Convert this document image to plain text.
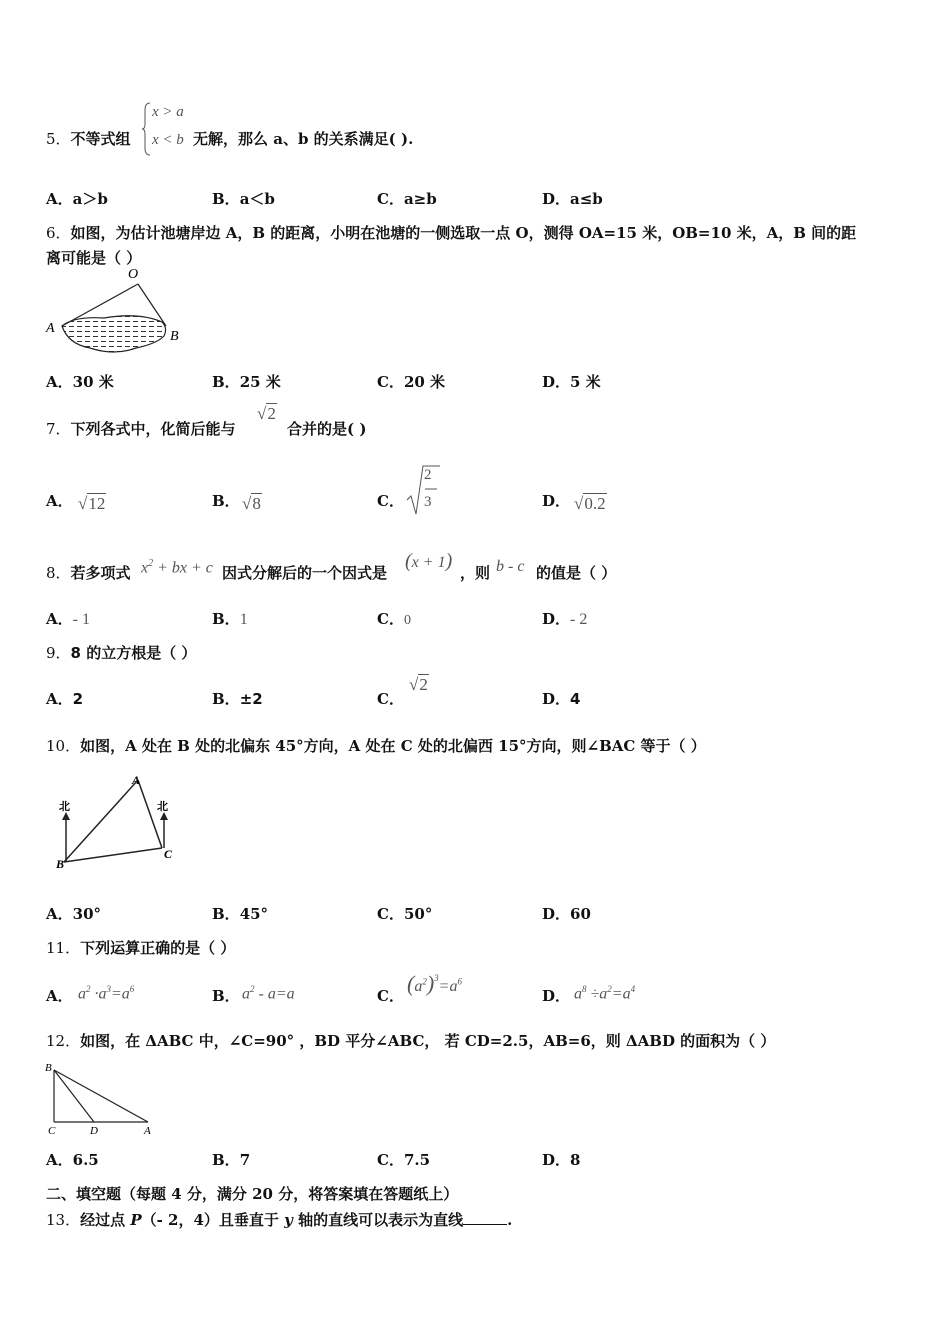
5．不等式组
x > a
x < b 无解，那么 a、b 的关系满足( ).
A．a＞b	B．a＜b	C．a≥b	D．a≤b
6．如图，为估计池塘岸边 A，B 的距离，小明在池塘的一侧选取一点 O，测得 OA=15 米，OB=10 米，A，B 间的距
离可能是（ ）
O
A
B
A．30 米	B．25 米	C．20 米	D．5 米
7．下列各式中，化简后能与
√2
合并的是( )
A． √12	B． √8	C．
2
3	D． √0.2
8．若多项式 $x^2$ + bx + c 因式分解后的一个因式是
(x + 1)
，则 b - c 的值是（ ）
A．- 1	B．1	C．0	D．- 2
9．8 的立方根是（ ）
A．2	B．±2	C．
√2
D．4
10．如图，A 处在 B 处的北偏东 45°方向，A 处在 C 处的北偏西 15°方向，则∠BAC 等于（ ）
北	北
A
B
C
A．30°	B．45°	C．50°	D．60
11．下列运算正确的是（ ）
A． $a^2 \cdot a^3=a^6$	B． $a^2 - a=a$	C． $(a^2)^3=a^6$
D． $a^8 \div a^2=a^4$
12．如图，在 ΔABC 中，∠C=90° ，BD 平分∠ABC， 若 CD=2.5，AB=6，则 ΔABD 的面积为（ ）
B
C	D	A
A．6.5	B．7	C．7.5	D．8
二、填空题（每题 4 分，满分 20 分，将答案填在答题纸上）
13．经过点 P（- 2，4）且垂直于 y 轴的直线可以表示为直线	.
